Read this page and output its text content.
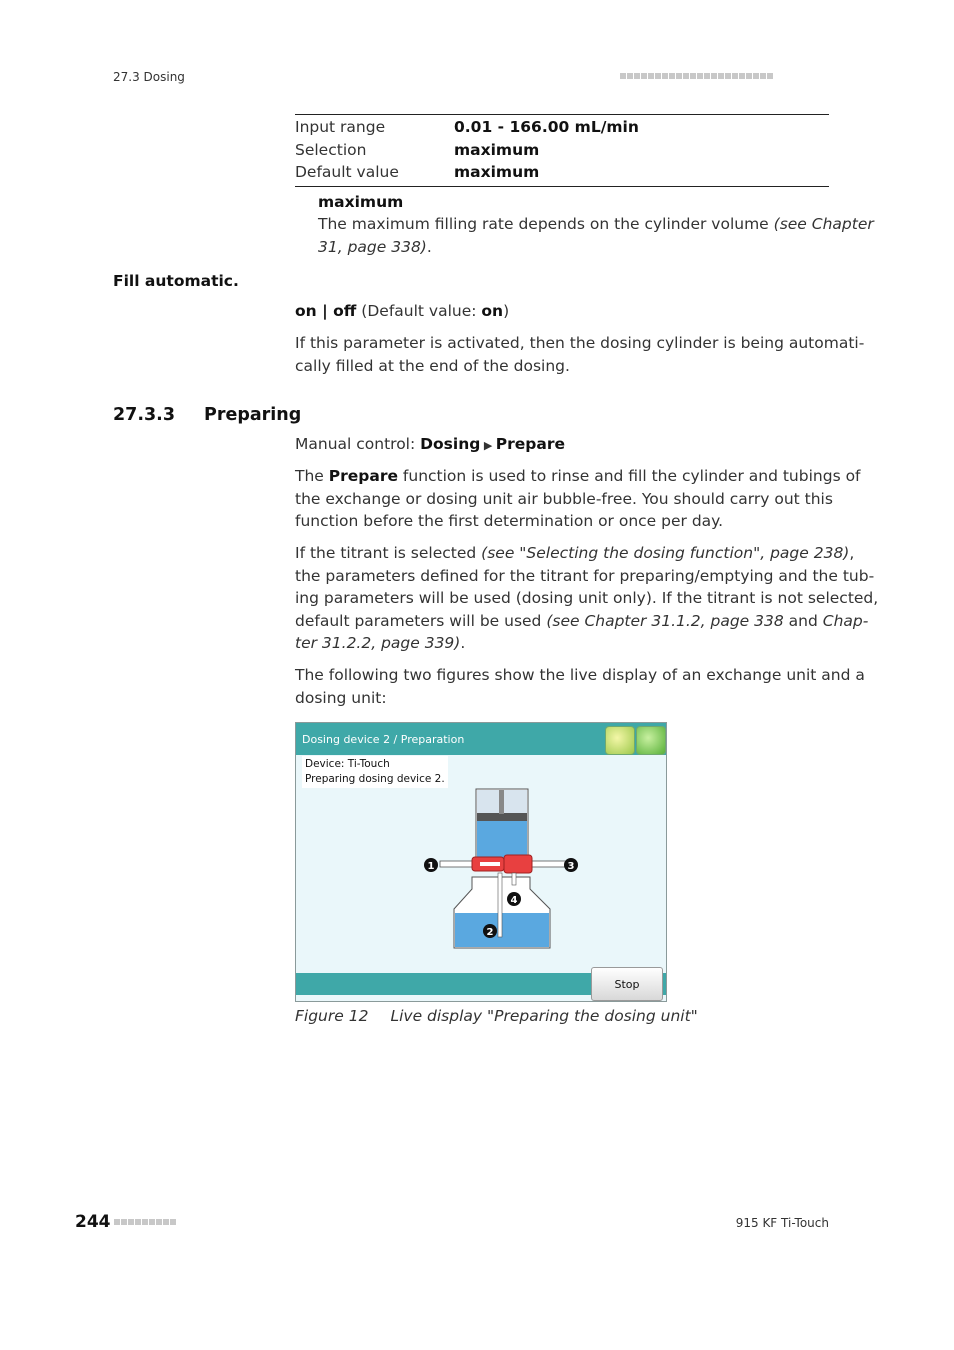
27.3 Dosing
Input range	0.01 - 166.00 mL/min
Selection	maximum
Default value	maximum
maximum
The maximum filling rate depends on the cylinder volume (see Chapter
31, page 338).
Fill automatic.
on | off (Default value: on)
If this parameter is activated, then the dosing cylinder is being automati-
cally filled at the end of the dosing.
27.3.3 Preparing
Manual control: Dosing ▶ Prepare
The Prepare function is used to rinse and fill the cylinder and tubings of
the exchange or dosing unit air bubble-free. You should carry out this
function before the first determination or once per day.
If the titrant is selected (see "Selecting the dosing function", page 238),
the parameters defined for the titrant for preparing/emptying and the tub-
ing parameters will be used (dosing unit only). If the titrant is not selected,
default parameters will be used (see Chapter 31.1.2, page 338 and Chap-
ter 31.2.2, page 339).
The following two figures show the live display of an exchange unit and a
dosing unit:
Dosing device 2 / Preparation
Device: Ti-Touch
Preparing dosing device 2.
1
2
3
4
Stop
Figure 12 Live display "Preparing the dosing unit"
244	915 KF Ti-Touch
